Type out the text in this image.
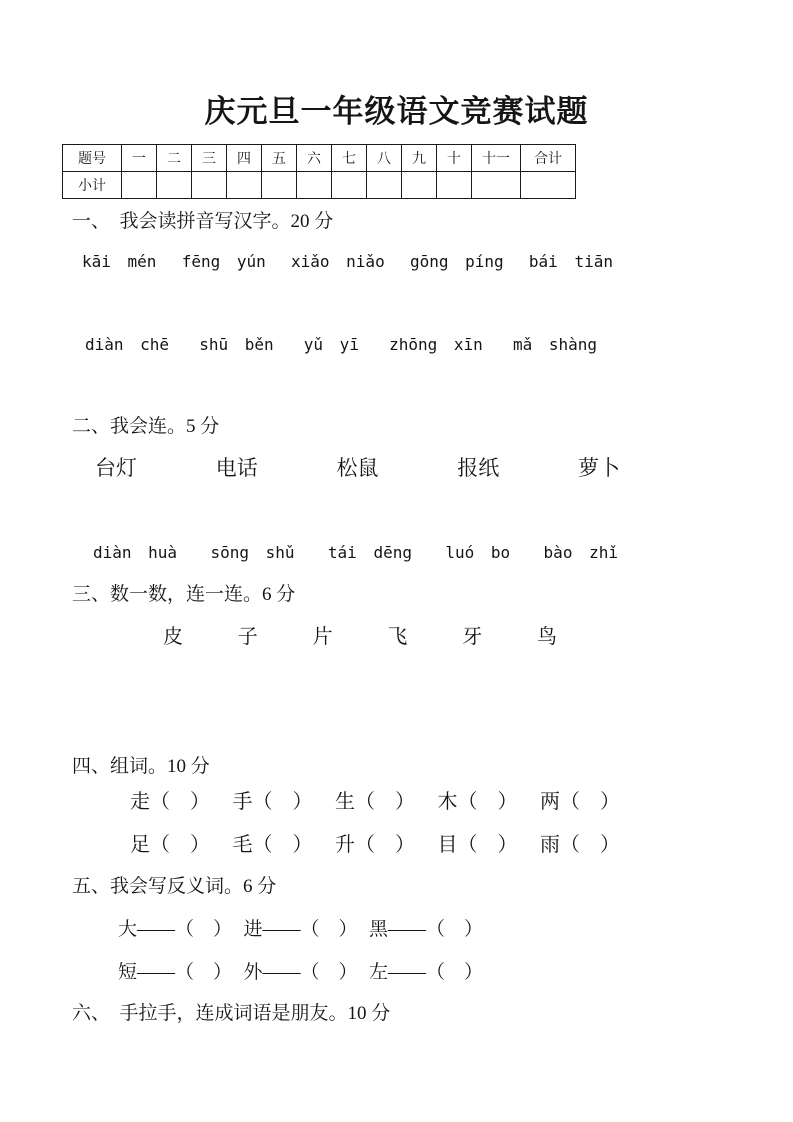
庆元旦一年级语文竞赛试题
题号	一	二	三	四	五	六	七	八	九	十	十一	合计
小计												

一、　我会读拼音写汉字。20 分

kāi mén fēng yún xiǎo niǎo gōng píng bái tiān
diàn chē shū běn yǔ yī zhōng xīn mǎ shàng

二、我会连。5 分

台灯	电话	松鼠	报纸	萝卜
diàn huà sōng shǔ tái dēng luó bo bào zhǐ

三、数一数，连一连。6 分

皮	子	片	飞	牙	鸟

四、组词。10 分

走（　） 手（　） 生（　） 木（　） 两（　）
足（　） 毛（　） 升（　） 目（　） 雨（　）

五、我会写反义词。6 分

大——（　） 进——（　） 黑——（　）
短——（　） 外——（　） 左——（　）

六、　手拉手，连成词语是朋友。10 分
